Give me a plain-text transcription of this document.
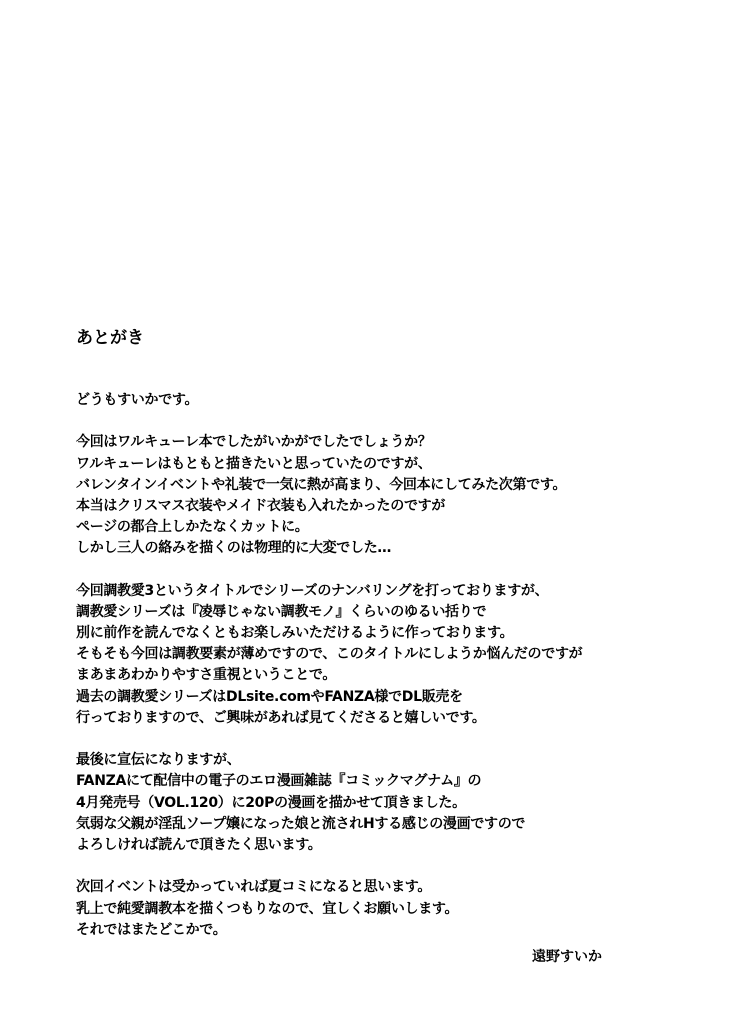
あとがき
どうもすいかです。
今回はワルキューレ本でしたがいかがでしたでしょうか？
ワルキューレはもともと描きたいと思っていたのですが、
バレンタインイベントや礼装で一気に熱が高まり、今回本にしてみた次第です。
本当はクリスマス衣装やメイド衣装も入れたかったのですが
ページの都合上しかたなくカットに。
しかし三人の絡みを描くのは物理的に大変でした…
今回調教愛3というタイトルでシリーズのナンバリングを打っておりますが、
調教愛シリーズは『凌辱じゃない調教モノ』くらいのゆるい括りで
別に前作を読んでなくともお楽しみいただけるように作っております。
そもそも今回は調教要素が薄めですので、このタイトルにしようか悩んだのですが
まあまあわかりやすさ重視ということで。
過去の調教愛シリーズはDLsite.comやFANZA様でDL販売を
行っておりますので、ご興味があれば見てくださると嬉しいです。
最後に宣伝になりますが、
FANZAにて配信中の電子のエロ漫画雑誌『コミックマグナム』の
4月発売号（VOL.120）に20Pの漫画を描かせて頂きました。
気弱な父親が淫乱ソープ嬢になった娘と流されHする感じの漫画ですので
よろしければ読んで頂きたく思います。
次回イベントは受かっていれば夏コミになると思います。
乳上で純愛調教本を描くつもりなので、宜しくお願いします。
それではまたどこかで。
遠野すいか
